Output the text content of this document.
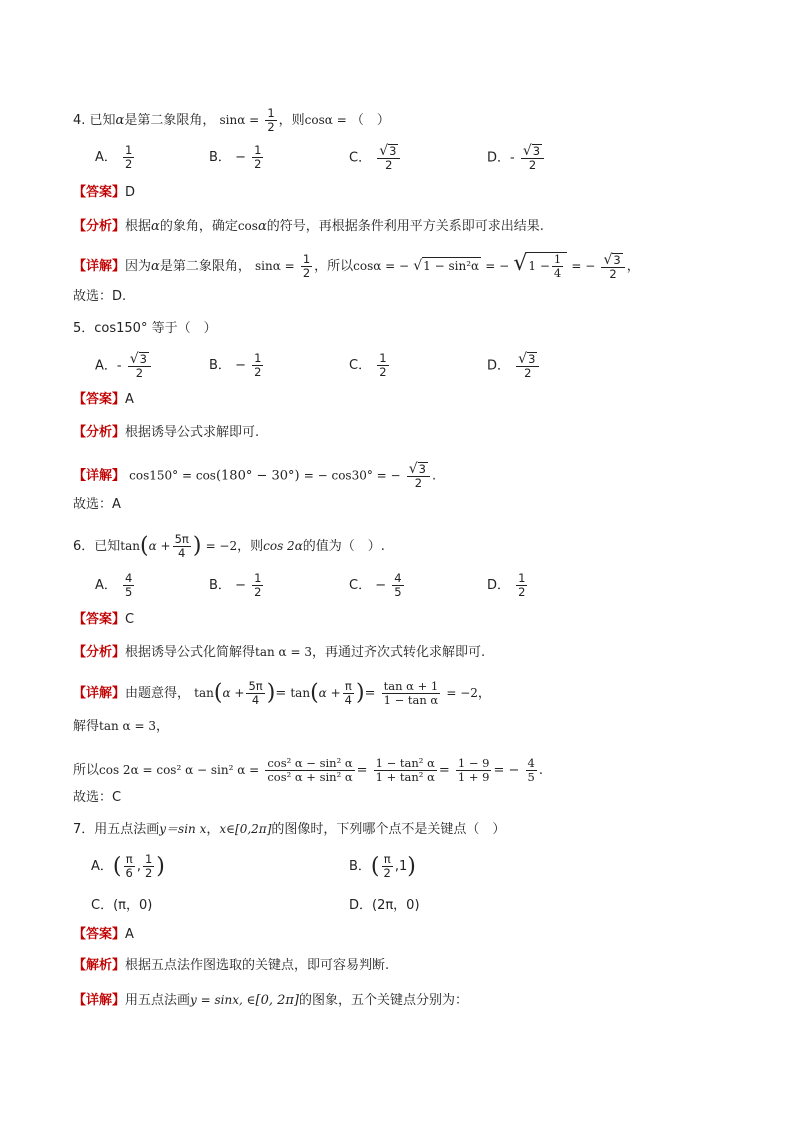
4. 已知α是第二象限角， $\sin\alpha = \frac{1}{2}$ ，则cosα = （　）
A． $\frac{1}{2}$	B． − $\frac{1}{2}$	C． $\frac{√3}{2}$	D．- $\frac{√3}{2}$
【答案】D
【分析】根据α的象角，确定cosα的符号，再根据条件利用平方关系即可求出结果.
【详解】因为α是第二象限角， $\sin\alpha = \frac{1}{2}$ ，所以cosα = − √1 − sin²α = − $√1 - \frac{1}{4}$ = − $\frac{√3}{2}$ ，
故选：D.
5．cos150° 等于（　）
A．- $\frac{√3}{2}$	B． − $\frac{1}{2}$	C． $\frac{1}{2}$	D． $\frac{√3}{2}$
【答案】A
【分析】根据诱导公式求解即可.
【详解】 cos150° = cos(180° − 30°) = − cos30° = − $\frac{√3}{2}$ .
故选：A
6．已知$\tan(\alpha + \frac{5\pi}{4}$ ) = −2，则cos 2α的值为（　）.
A． $\frac{4}{5}$	B． − $\frac{1}{2}$	C． − $\frac{4}{5}$	D． $\frac{1}{2}$
【答案】C
【分析】根据诱导公式化简解得tan α = 3，再通过齐次式转化求解即可.
【详解】由题意得， $\tan(\alpha + \frac{5\pi}{4}$ )= $\tan(\alpha + \frac{\pi}{4}$ )= $\frac{\text{tan α + 1}}{\text{1 − tan α}} = -2$，
解得tan α = 3，
所以cos 2α = cos² α − sin² $\alpha = \frac{\text{cos² α − sin² α}}{\text{cos² α + sin² α}} = \frac{\text{1 − tan² α}}{\text{1 + tan² α}} = \frac{1 - 9}{1 + 9}$ = − $\frac{4}{5}$ .
故选：C
7．用五点法画y＝sin x，x∈[0,2π]的图像时，下列哪个点不是关键点（　）
A．( $\frac{\pi}{6}$ , $\frac{1}{2}$ )	B．( $\frac{\pi}{2} ,1$)
C．(π，0)	D．(2π，0)
【答案】A
【解析】根据五点法作图选取的关键点，即可容易判断.
【详解】用五点法画y = sinx, ∈[0, 2π]的图象，五个关键点分别为：
